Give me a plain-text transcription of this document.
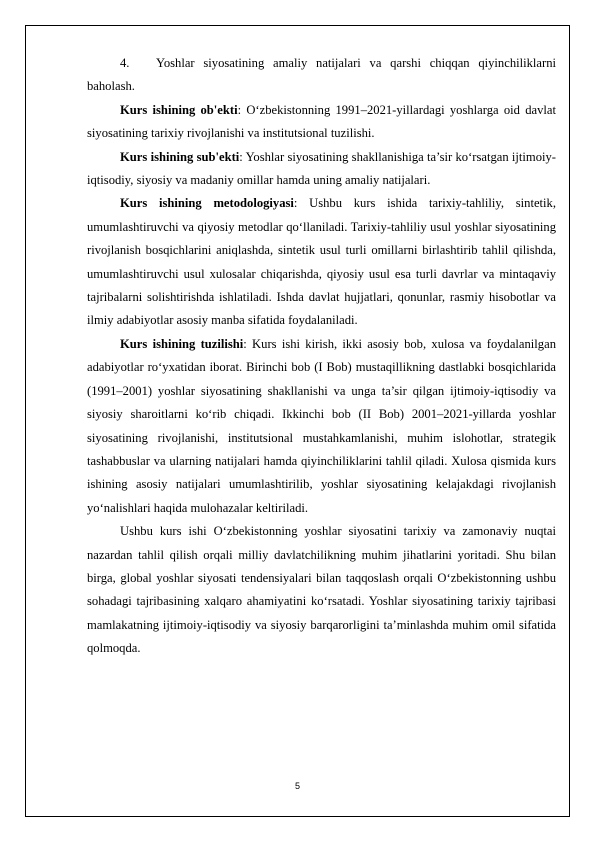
4. Yoshlar siyosatining amaliy natijalari va qarshi chiqqan qiyinchiliklarni baholash.

Kurs ishining ob'ekti: O‘zbekistonning 1991–2021-yillardagi yoshlarga oid davlat siyosatining tarixiy rivojlanishi va institutsional tuzilishi.

Kurs ishining sub'ekti: Yoshlar siyosatining shakllanishiga ta’sir ko‘rsatgan ijtimoiy-iqtisodiy, siyosiy va madaniy omillar hamda uning amaliy natijalari.

Kurs ishining metodologiyasi: Ushbu kurs ishida tarixiy-tahliliy, sintetik, umumlashtiruvchi va qiyosiy metodlar qo‘llaniladi. Tarixiy-tahliliy usul yoshlar siyosatining rivojlanish bosqichlarini aniqlashda, sintetik usul turli omillarni birlashtirib tahlil qilishda, umumlashtiruvchi usul xulosalar chiqarishda, qiyosiy usul esa turli davrlar va mintaqaviy tajribalarni solishtirishda ishlatiladi. Ishda davlat hujjatlari, qonunlar, rasmiy hisobotlar va ilmiy adabiyotlar asosiy manba sifatida foydalaniladi.

Kurs ishining tuzilishi: Kurs ishi kirish, ikki asosiy bob, xulosa va foydalanilgan adabiyotlar ro‘yxatidan iborat. Birinchi bob (I Bob) mustaqillikning dastlabki bosqichlarida (1991–2001) yoshlar siyosatining shakllanishi va unga ta’sir qilgan ijtimoiy-iqtisodiy va siyosiy sharoitlarni ko‘rib chiqadi. Ikkinchi bob (II Bob) 2001–2021-yillarda yoshlar siyosatining rivojlanishi, institutsional mustahkamlanishi, muhim islohotlar, strategik tashabbuslar va ularning natijalari hamda qiyinchiliklarini tahlil qiladi. Xulosa qismida kurs ishining asosiy natijalari umumlashtirilib, yoshlar siyosatining kelajakdagi rivojlanish yo‘nalishlari haqida mulohazalar keltiriladi.

Ushbu kurs ishi O‘zbekistonning yoshlar siyosatini tarixiy va zamonaviy nuqtai nazardan tahlil qilish orqali milliy davlatchilikning muhim jihatlarini yoritadi. Shu bilan birga, global yoshlar siyosati tendensiyalari bilan taqqoslash orqali O‘zbekistonning ushbu sohadagi tajribasining xalqaro ahamiyatini ko‘rsatadi. Yoshlar siyosatining tarixiy tajribasi mamlakatning ijtimoiy-iqtisodiy va siyosiy barqarorligini ta’minlashda muhim omil sifatida qolmoqda.

5
